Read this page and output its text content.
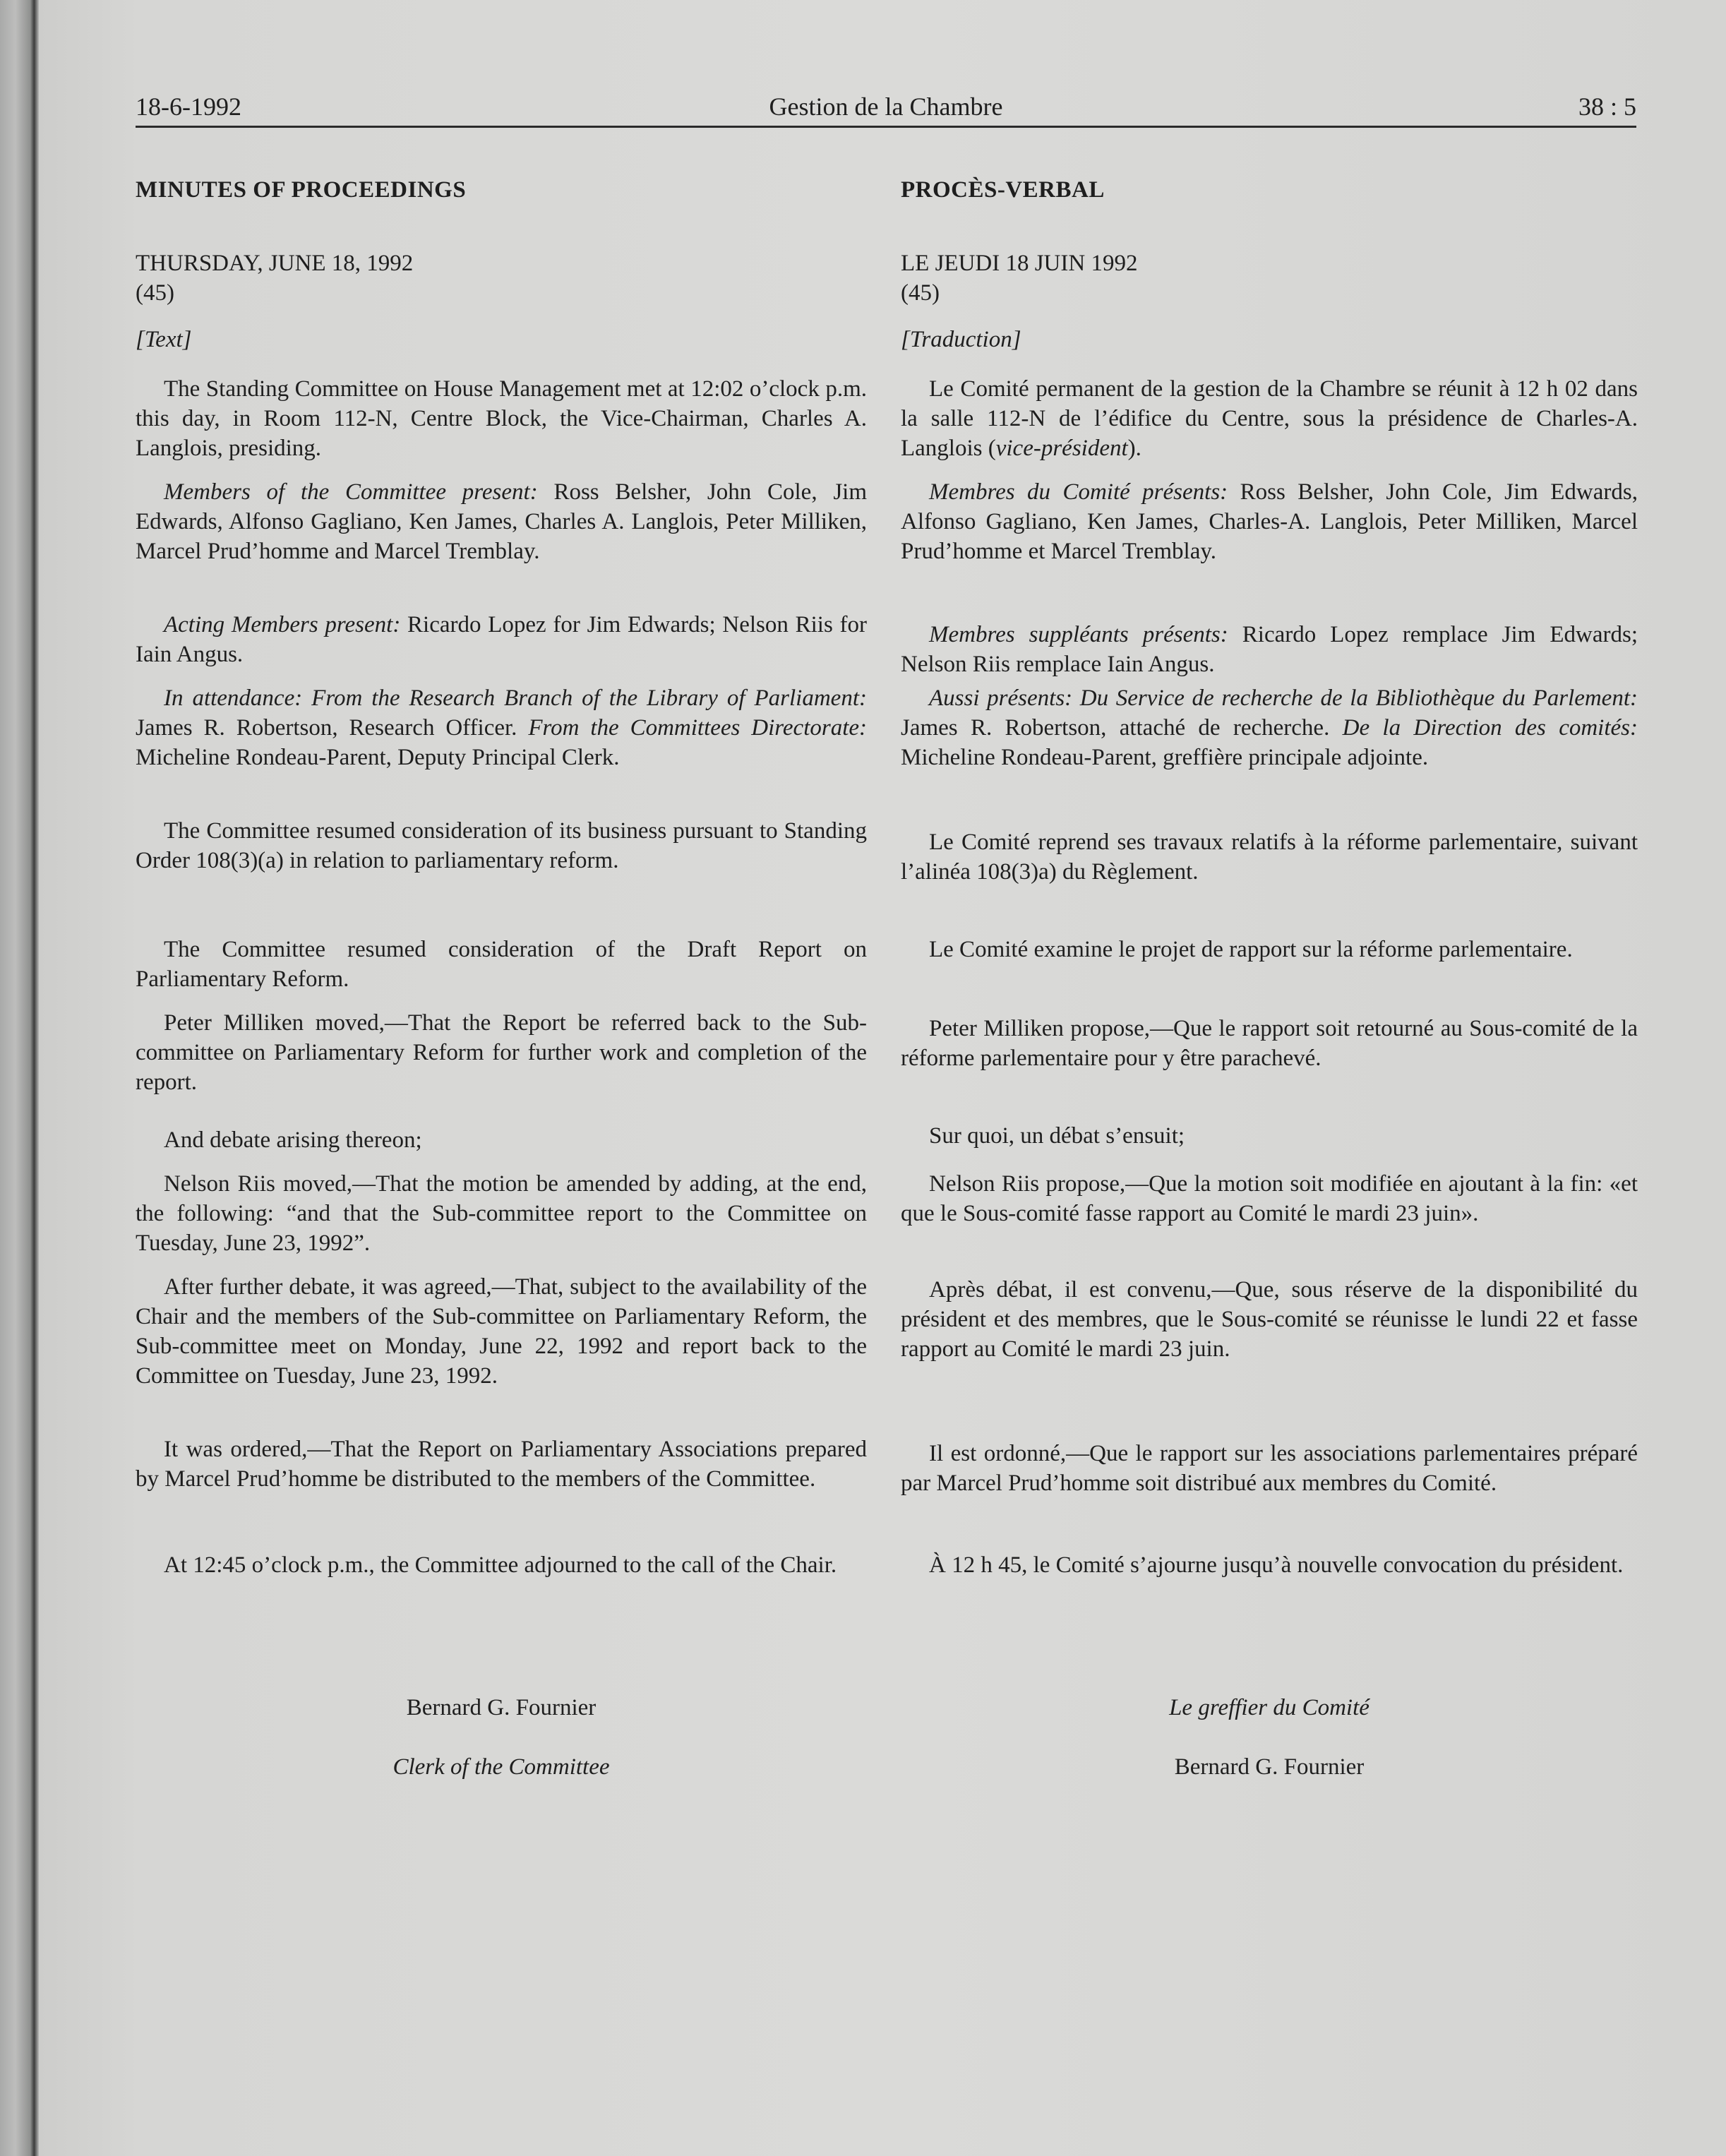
18-6-1992	Gestion de la Chambre	38 : 5

MINUTES OF PROCEEDINGS

THURSDAY, JUNE 18, 1992

(45)

[Text]

The Standing Committee on House Management met at 12:02 o’clock p.m. this day, in Room 112-N, Centre Block, the Vice-Chairman, Charles A. Langlois, presiding.

Members of the Committee present: Ross Belsher, John Cole, Jim Edwards, Alfonso Gagliano, Ken James, Charles A. Langlois, Peter Milliken, Marcel Prud’homme and Marcel Tremblay.

Acting Members present: Ricardo Lopez for Jim Edwards; Nelson Riis for Iain Angus.

In attendance: From the Research Branch of the Library of Parliament: James R. Robertson, Research Officer. From the Committees Directorate: Micheline Rondeau-Parent, Deputy Principal Clerk.

The Committee resumed consideration of its business pursuant to Standing Order 108(3)(a) in relation to parliamentary reform.

The Committee resumed consideration of the Draft Report on Parliamentary Reform.

Peter Milliken moved,—That the Report be referred back to the Sub-committee on Parliamentary Reform for further work and completion of the report.

And debate arising thereon;

Nelson Riis moved,—That the motion be amended by adding, at the end, the following: “and that the Sub-committee report to the Committee on Tuesday, June 23, 1992”.

After further debate, it was agreed,—That, subject to the availability of the Chair and the members of the Sub-committee on Parliamentary Reform, the Sub-committee meet on Monday, June 22, 1992 and report back to the Committee on Tuesday, June 23, 1992.

It was ordered,—That the Report on Parliamentary Associations prepared by Marcel Prud’homme be distributed to the members of the Committee.

At 12:45 o’clock p.m., the Committee adjourned to the call of the Chair.

Bernard G. Fournier

Clerk of the Committee

PROCÈS-VERBAL

LE JEUDI 18 JUIN 1992

(45)

[Traduction]

Le Comité permanent de la gestion de la Chambre se réunit à 12 h 02 dans la salle 112-N de l’édifice du Centre, sous la présidence de Charles-A. Langlois (vice-président).

Membres du Comité présents: Ross Belsher, John Cole, Jim Edwards, Alfonso Gagliano, Ken James, Charles-A. Langlois, Peter Milliken, Marcel Prud’homme et Marcel Tremblay.

Membres suppléants présents: Ricardo Lopez remplace Jim Edwards; Nelson Riis remplace Iain Angus.

Aussi présents: Du Service de recherche de la Bibliothèque du Parlement: James R. Robertson, attaché de recherche. De la Direction des comités: Micheline Rondeau-Parent, greffière principale adjointe.

Le Comité reprend ses travaux relatifs à la réforme parlementaire, suivant l’alinéa 108(3)a) du Règlement.

Le Comité examine le projet de rapport sur la réforme parlementaire.

Peter Milliken propose,—Que le rapport soit retourné au Sous-comité de la réforme parlementaire pour y être parachevé.

Sur quoi, un débat s’ensuit;

Nelson Riis propose,—Que la motion soit modifiée en ajoutant à la fin: «et que le Sous-comité fasse rapport au Comité le mardi 23 juin».

Après débat, il est convenu,—Que, sous réserve de la disponibilité du président et des membres, que le Sous-comité se réunisse le lundi 22 et fasse rapport au Comité le mardi 23 juin.

Il est ordonné,—Que le rapport sur les associations parlementaires préparé par Marcel Prud’homme soit distribué aux membres du Comité.

À 12 h 45, le Comité s’ajourne jusqu’à nouvelle convocation du président.

Le greffier du Comité

Bernard G. Fournier
